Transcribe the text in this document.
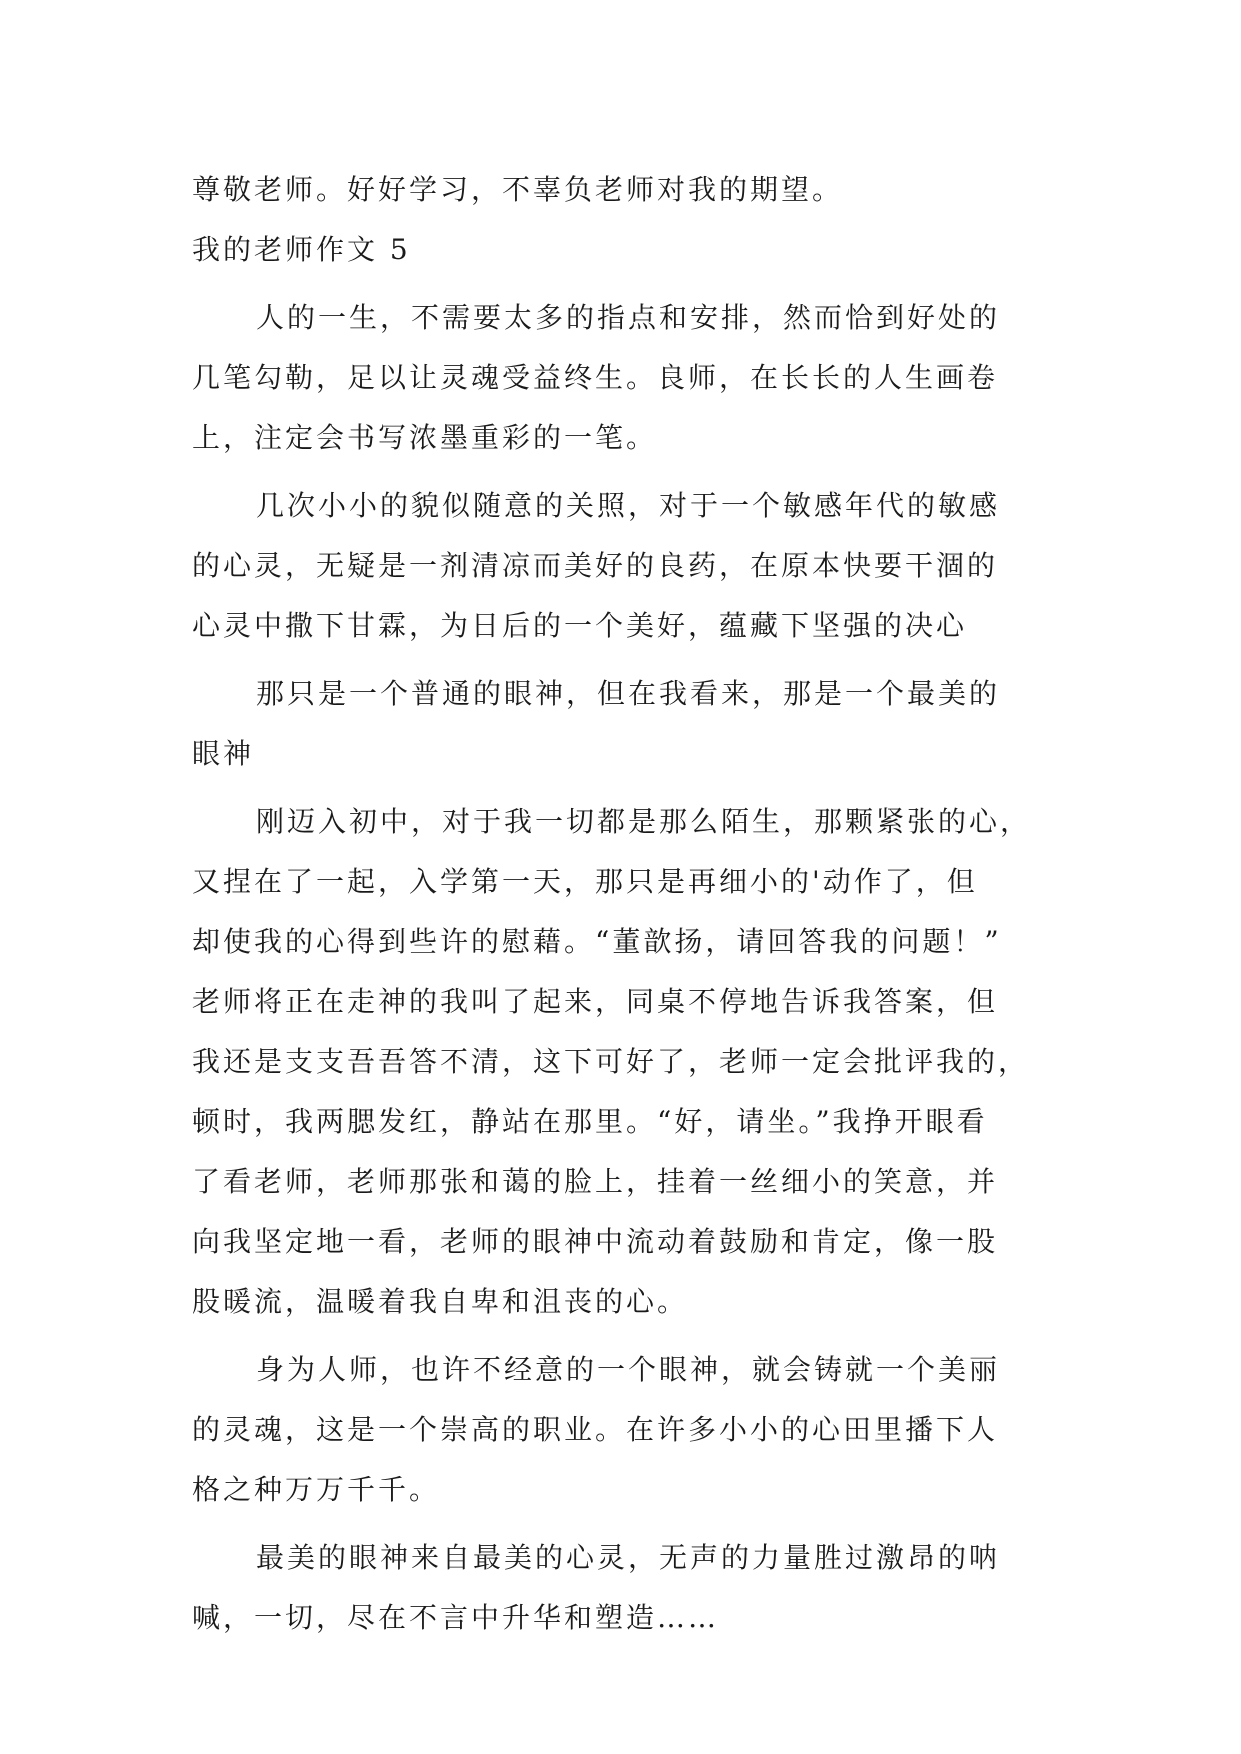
尊敬老师。好好学习，不辜负老师对我的期望。
我的老师作文 5
人的一生，不需要太多的指点和安排，然而恰到好处的
几笔勾勒，足以让灵魂受益终生。良师，在长长的人生画卷
上，注定会书写浓墨重彩的一笔。
几次小小的貌似随意的关照，对于一个敏感年代的敏感
的心灵，无疑是一剂清凉而美好的良药，在原本快要干涸的
心灵中撒下甘霖，为日后的一个美好，蕴藏下坚强的决心
那只是一个普通的眼神，但在我看来，那是一个最美的
眼神
刚迈入初中，对于我一切都是那么陌生，那颗紧张的心，
又捏在了一起，入学第一天，那只是再细小的'动作了，但
却使我的心得到些许的慰藉。“董歆扬，请回答我的问题！”
老师将正在走神的我叫了起来，同桌不停地告诉我答案，但
我还是支支吾吾答不清，这下可好了，老师一定会批评我的，
顿时，我两腮发红，静站在那里。“好，请坐。”我挣开眼看
了看老师，老师那张和蔼的脸上，挂着一丝细小的笑意，并
向我坚定地一看，老师的眼神中流动着鼓励和肯定，像一股
股暖流，温暖着我自卑和沮丧的心。
身为人师，也许不经意的一个眼神，就会铸就一个美丽
的灵魂，这是一个崇高的职业。在许多小小的心田里播下人
格之种万万千千。
最美的眼神来自最美的心灵，无声的力量胜过激昂的呐
喊，一切，尽在不言中升华和塑造……
